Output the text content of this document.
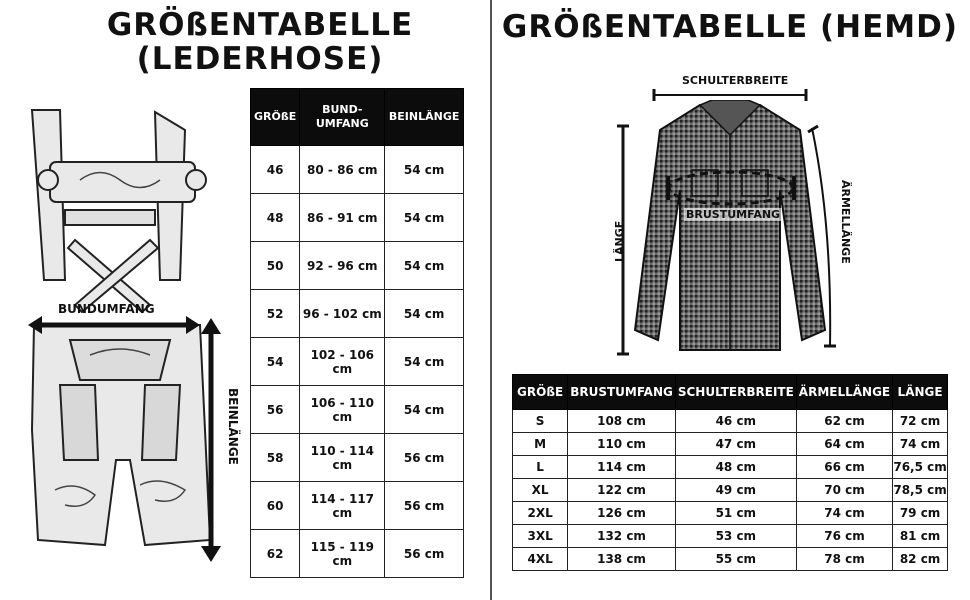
GRÖßENTABELLE
(LEDERHOSE)
BUNDUMFANG
BEINLÄNGE
GRÖßE	BUND-UMFANG	BEINLÄNGE
46	80 - 86 cm	54 cm
48	86 - 91 cm	54 cm
50	92 - 96 cm	54 cm
52	96 - 102 cm	54 cm
54	102 - 106 cm	54 cm
56	106 - 110 cm	54 cm
58	110 - 114 cm	56 cm
60	114 - 117 cm	56 cm
62	115 - 119 cm	56 cm
GRÖßENTABELLE (HEMD)
SCHULTERBREITE
BRUSTUMFANG
LÄNGE	ÄRMELLÄNGE
GRÖßE	BRUSTUMFANG	SCHULTERBREITE	ÄRMELLÄNGE	LÄNGE
S	108 cm	46 cm	62 cm	72 cm
M	110 cm	47 cm	64 cm	74 cm
L	114 cm	48 cm	66 cm	76,5 cm
XL	122 cm	49 cm	70 cm	78,5 cm
2XL	126 cm	51 cm	74 cm	79 cm
3XL	132 cm	53 cm	76 cm	81 cm
4XL	138 cm	55 cm	78 cm	82 cm
